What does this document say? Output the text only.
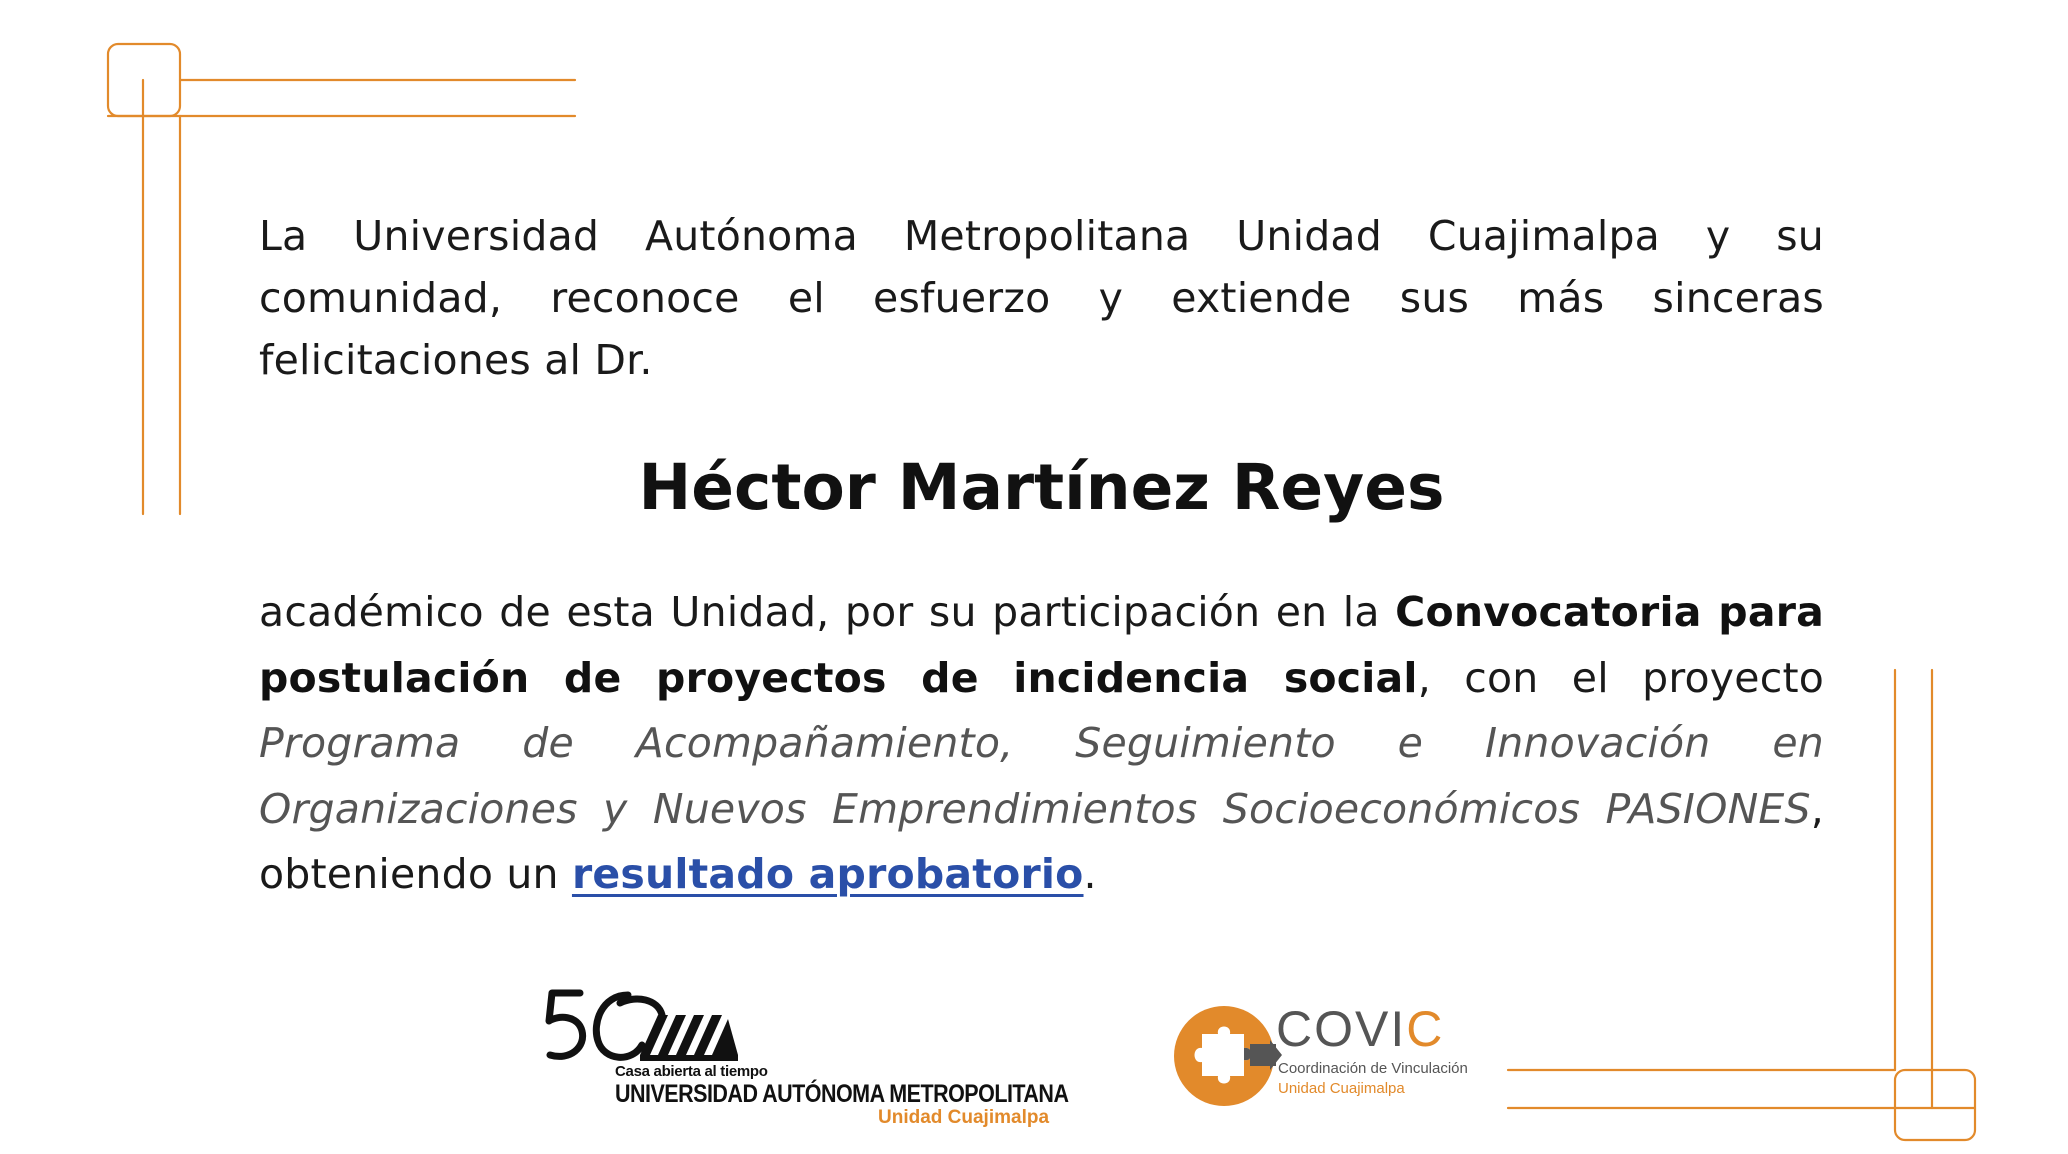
La Universidad Autónoma Metropolitana Unidad Cuajimalpa y su comunidad, reconoce el esfuerzo y extiende sus más sinceras felicitaciones al Dr.

Héctor Martínez Reyes

académico de esta Unidad, por su participación en la Convocatoria para postulación de proyectos de incidencia social, con el proyecto Programa de Acompañamiento, Seguimiento e Innovación en Organizaciones y Nuevos Emprendimientos Socioeconómicos PASIONES, obteniendo un resultado aprobatorio.

Casa abierta al tiempo
UNIVERSIDAD AUTÓNOMA METROPOLITANA
Unidad Cuajimalpa
COVIC
Coordinación de Vinculación
Unidad Cuajimalpa
